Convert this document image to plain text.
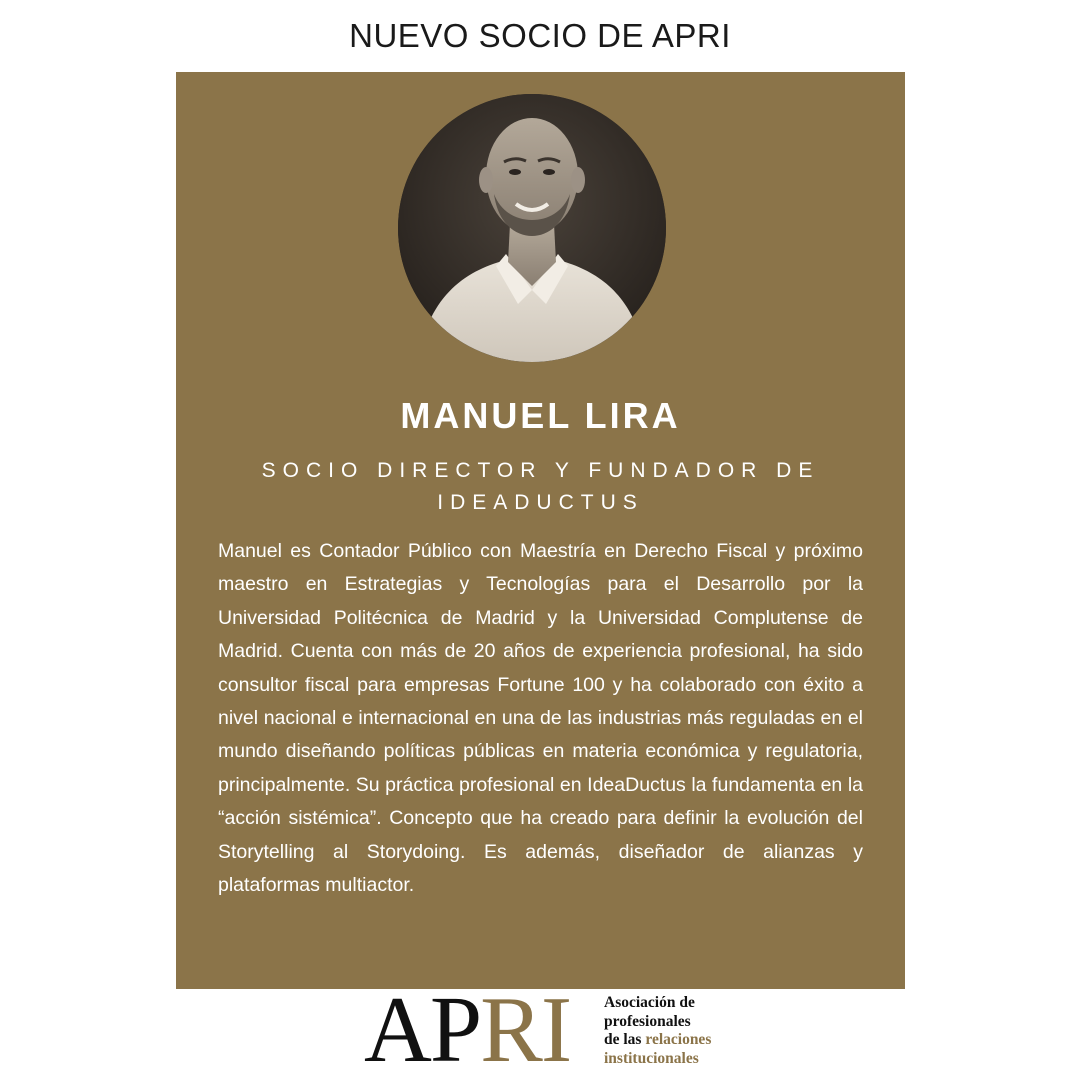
NUEVO SOCIO DE APRI
MANUEL LIRA
SOCIO DIRECTOR Y FUNDADOR DE IDEADUCTUS

Manuel es Contador Público con Maestría en Derecho Fiscal y próximo maestro en Estrategias y Tecnologías para el Desarrollo por la Universidad Politécnica de Madrid y la Universidad Complutense de Madrid. Cuenta con más de 20 años de experiencia profesional, ha sido consultor fiscal para empresas Fortune 100 y ha colaborado con éxito a nivel nacional e internacional en una de las industrias más reguladas en el mundo diseñando políticas públicas en materia económica y regulatoria, principalmente. Su práctica profesional en IdeaDuctus la fundamenta en la “acción sistémica”. Concepto que ha creado para definir la evolución del Storytelling al Storydoing. Es además, diseñador de alianzas y plataformas multiactor.

APRI Asociación de
profesionales
de las relaciones
institucionales
